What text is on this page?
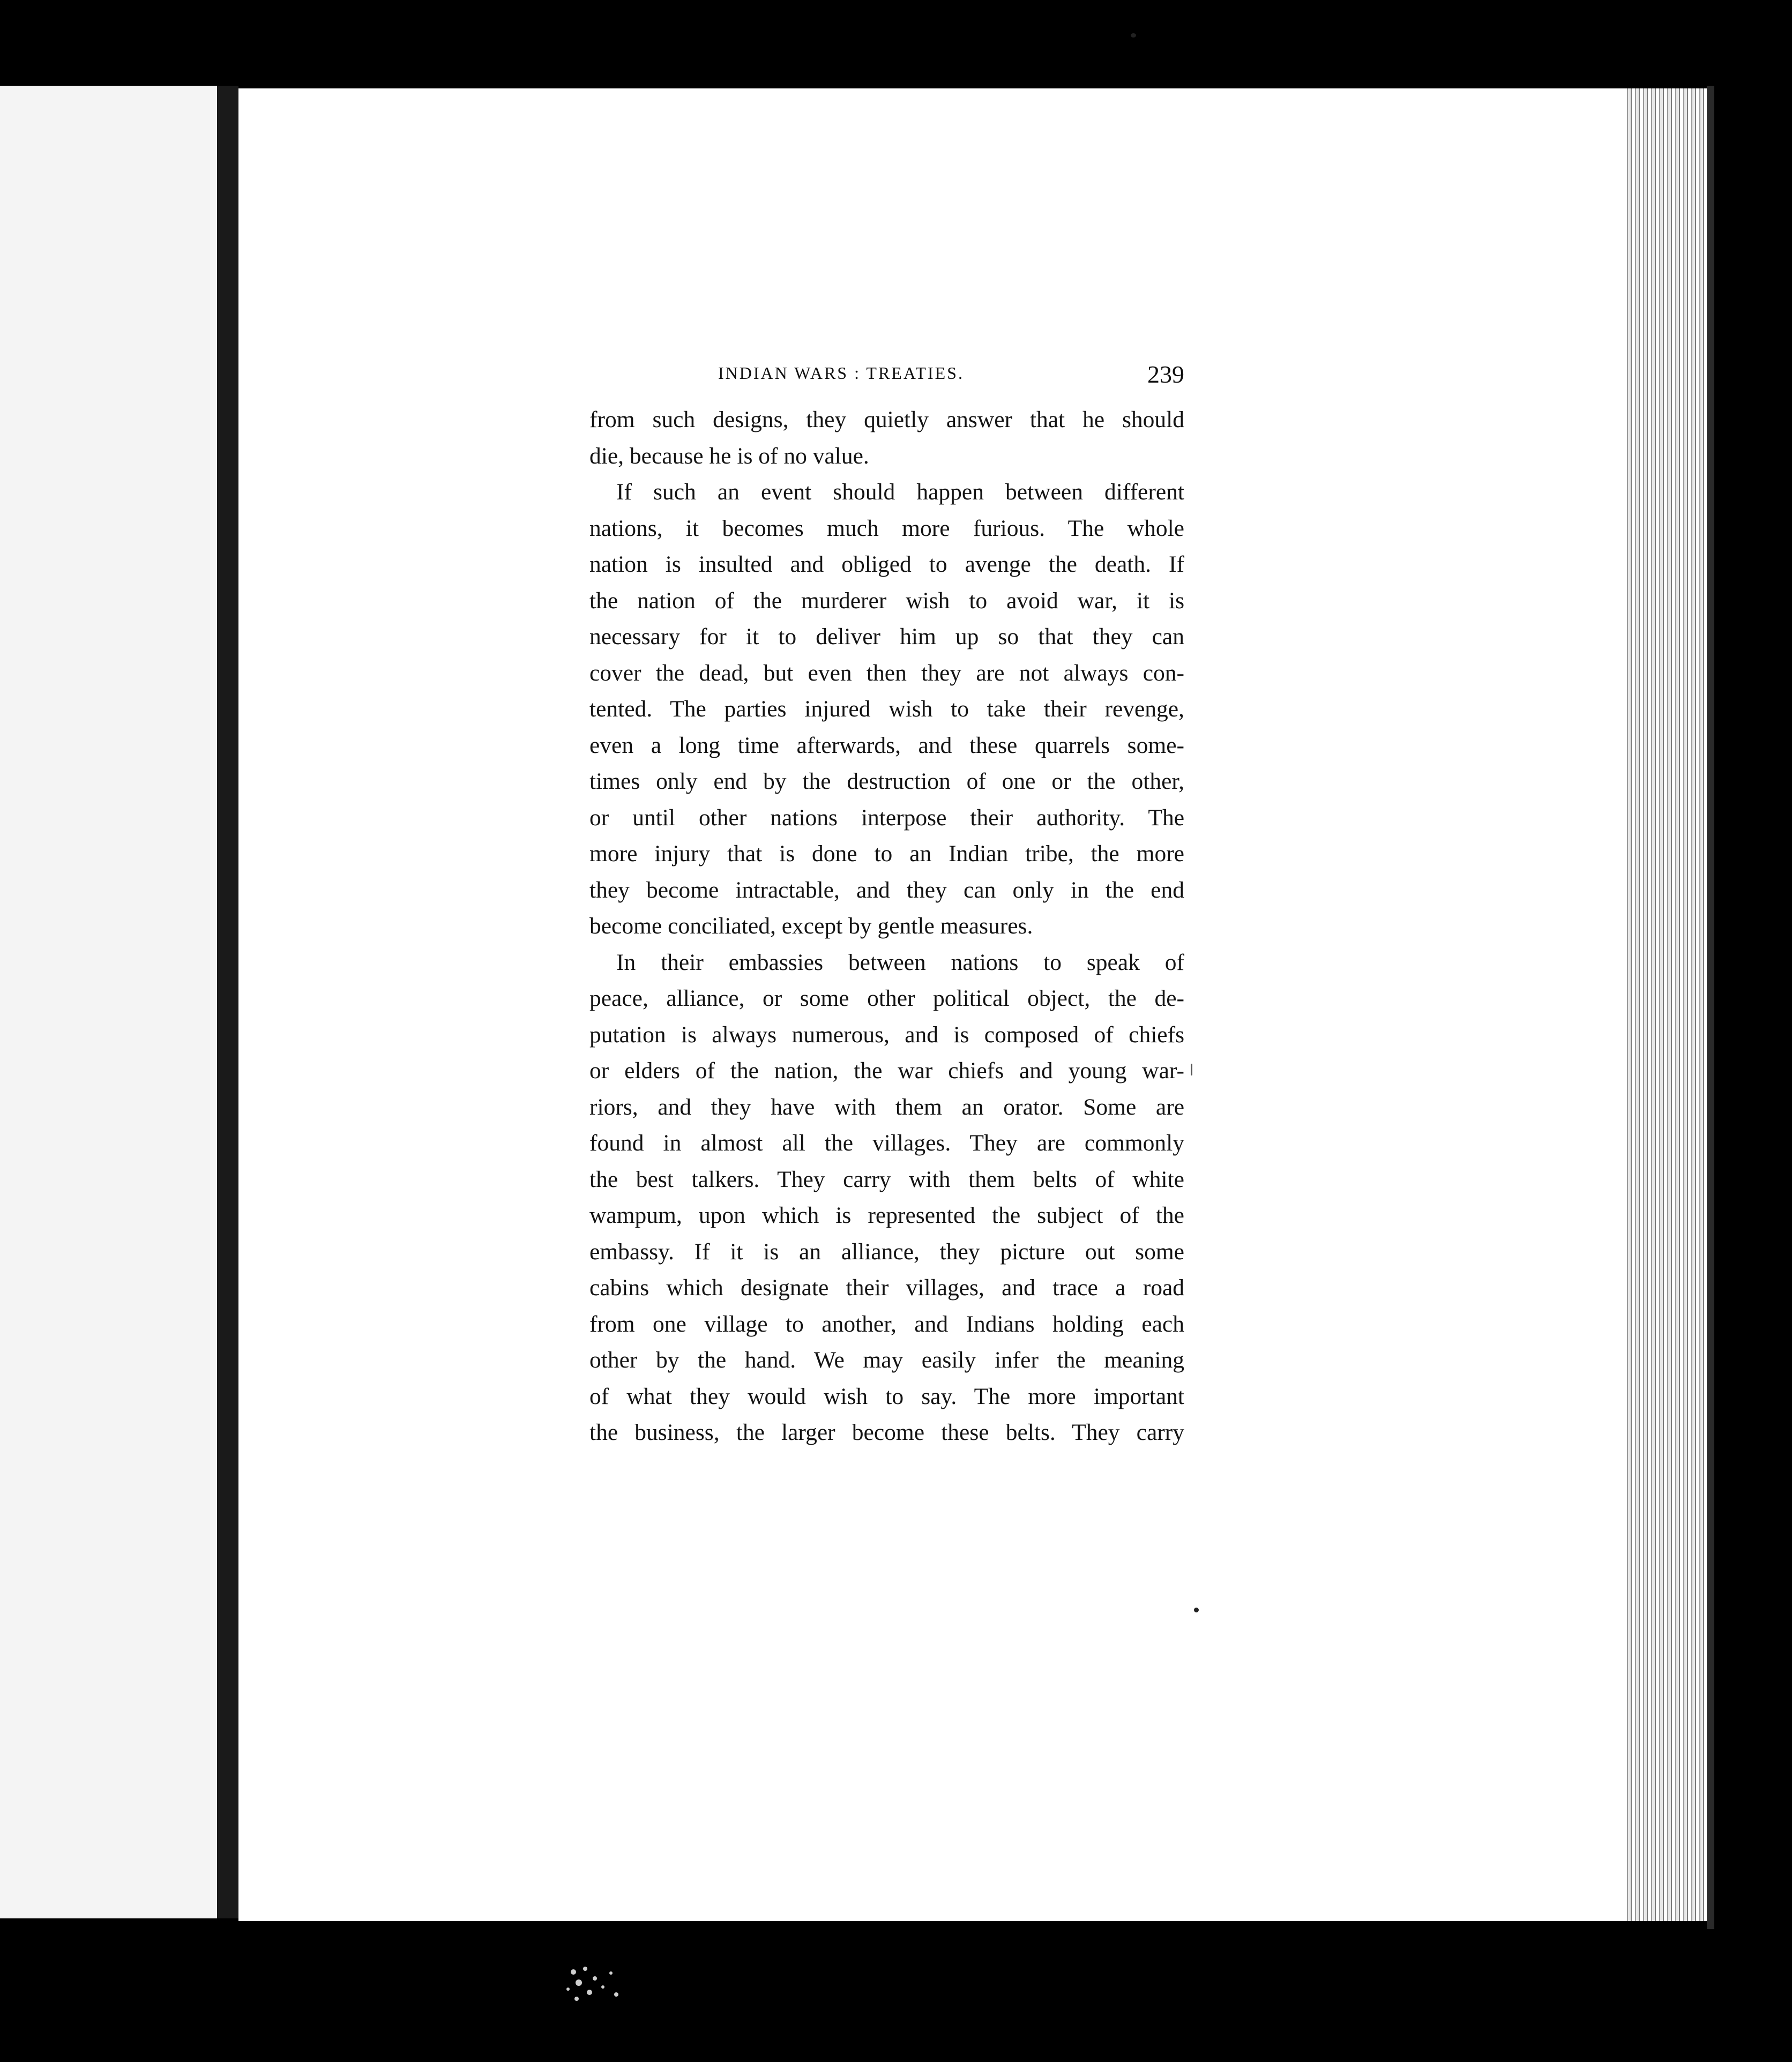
INDIAN WARS : TREATIES.	239
from such designs, they quietly answer that he should
die, because he is of no value.
If such an event should happen between different
nations, it becomes much more furious. The whole
nation is insulted and obliged to avenge the death. If
the nation of the murderer wish to avoid war, it is
necessary for it to deliver him up so that they can
cover the dead, but even then they are not always con-
tented. The parties injured wish to take their revenge,
even a long time afterwards, and these quarrels some-
times only end by the destruction of one or the other,
or until other nations interpose their authority. The
more injury that is done to an Indian tribe, the more
they become intractable, and they can only in the end
become conciliated, except by gentle measures.
In their embassies between nations to speak of
peace, alliance, or some other political object, the de-
putation is always numerous, and is composed of chiefs
or elders of the nation, the war chiefs and young war-
riors, and they have with them an orator. Some are
found in almost all the villages. They are commonly
the best talkers. They carry with them belts of white
wampum, upon which is represented the subject of the
embassy. If it is an alliance, they picture out some
cabins which designate their villages, and trace a road
from one village to another, and Indians holding each
other by the hand. We may easily infer the meaning
of what they would wish to say. The more important
the business, the larger become these belts. They carry
